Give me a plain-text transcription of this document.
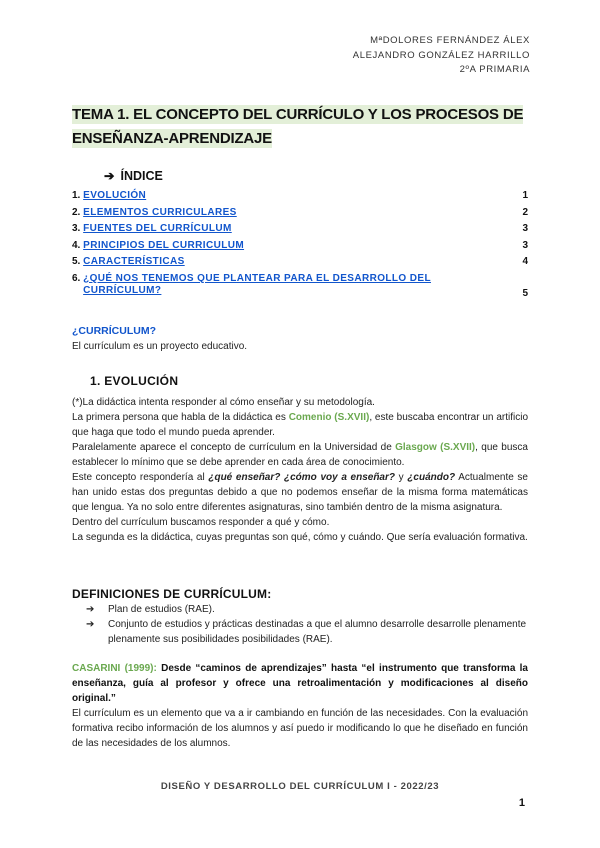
MªDOLORES FERNÁNDEZ ÁLEX
ALEJANDRO GONZÁLEZ HARRILLO
2ºA PRIMARIA
TEMA 1. EL CONCEPTO DEL CURRÍCULO Y LOS PROCESOS DE
ENSEÑANZA-APRENDIZAJE
➔ ÍNDICE
1. EVOLUCIÓN	1
2. ELEMENTOS CURRICULARES	2
3. FUENTES DEL CURRÍCULUM	3
4. PRINCIPIOS DEL CURRICULUM	3
5. CARACTERÍSTICAS	4
6. ¿QUÉ NOS TENEMOS QUE PLANTEAR PARA EL DESARROLLO DEL CURRÍCULUM?	5
¿CURRÍCULUM?
El currículum es un proyecto educativo.
1. EVOLUCIÓN
(*)La didáctica intenta responder al cómo enseñar y su metodología.
La primera persona que habla de la didáctica es Comenio (S.XVII), este buscaba encontrar un artificio que haga que todo el mundo pueda aprender.
Paralelamente aparece el concepto de currículum en la Universidad de Glasgow (S.XVII), que busca establecer lo mínimo que se debe aprender en cada área de conocimiento.
Este concepto respondería al ¿qué enseñar? ¿cómo voy a enseñar? y ¿cuándo? Actualmente se han unido estas dos preguntas debido a que no podemos enseñar de la misma forma matemáticas que lengua. Ya no solo entre diferentes asignaturas, sino también dentro de la misma asignatura.
Dentro del currículum buscamos responder a qué y cómo.
La segunda es la didáctica, cuyas preguntas son qué, cómo y cuándo. Que sería evaluación formativa.
DEFINICIONES DE CURRÍCULUM:
➔ Plan de estudios (RAE).
➔ Conjunto de estudios y prácticas destinadas a que el alumno desarrolle desarrolle plenamente plenamente sus posibilidades posibilidades (RAE).
CASARINI (1999): Desde “caminos de aprendizajes” hasta “el instrumento que transforma la enseñanza, guía al profesor y ofrece una retroalimentación y modificaciones al diseño original.”
El currículum es un elemento que va a ir cambiando en función de las necesidades. Con la evaluación formativa recibo información de los alumnos y así puedo ir modificando lo que he diseñado en función de las necesidades de los alumnos.
DISEÑO Y DESARROLLO DEL CURRÍCULUM I - 2022/23
1
